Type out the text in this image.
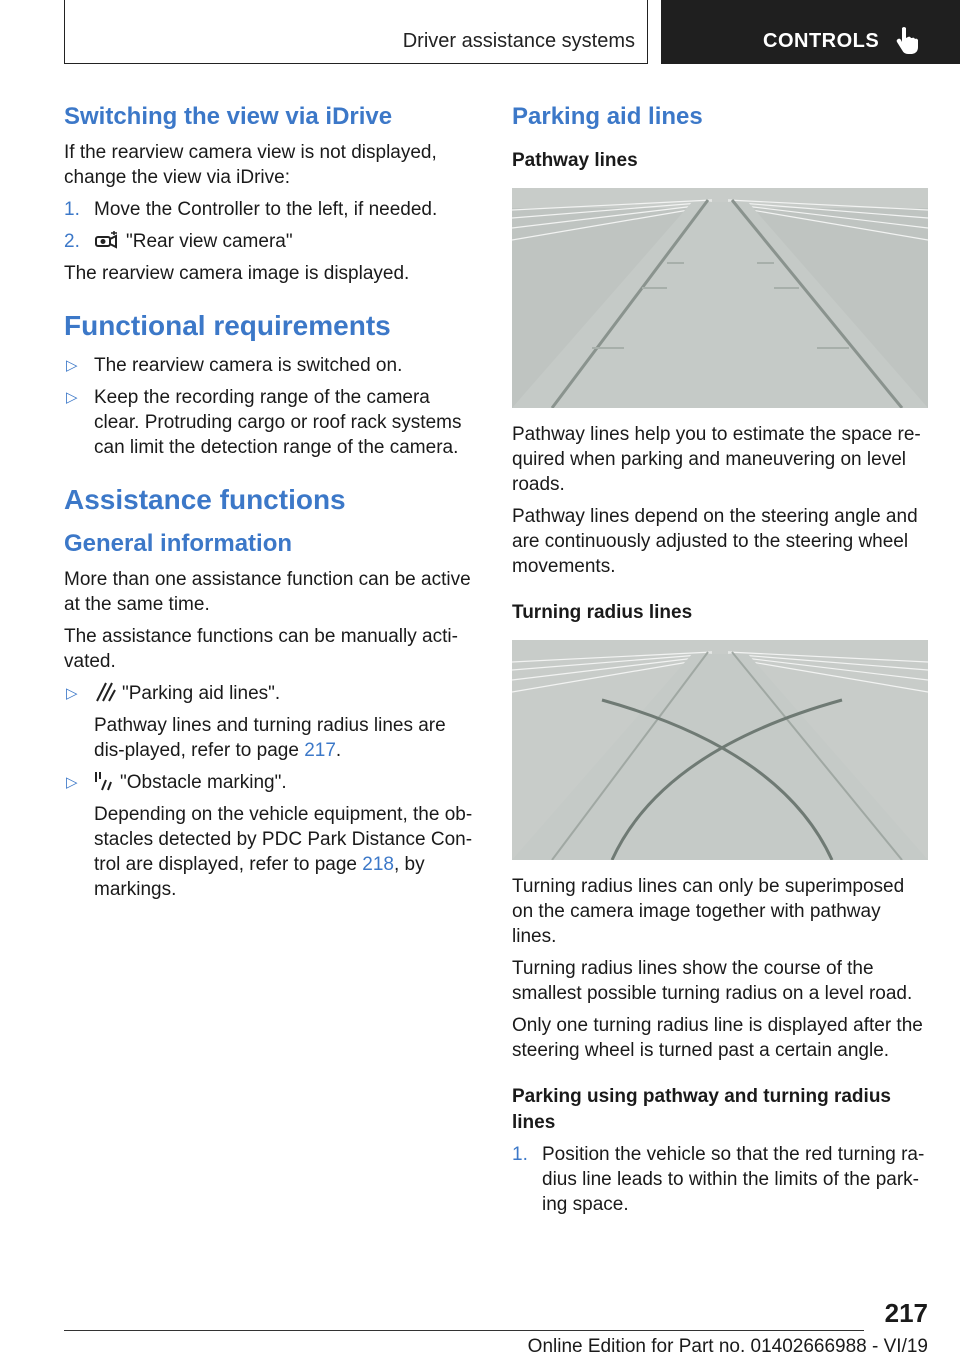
Driver assistance systems	CONTROLS
Switching the view via iDrive

If the rearview camera view is not displayed, change the view via iDrive:

1. Move the Controller to the left, if needed.
2. "Rear view camera"

The rearview camera image is displayed.

Functional requirements
▷ The rearview camera is switched on.
▷ Keep the recording range of the camera clear. Protruding cargo or roof rack systems can limit the detection range of the camera.
Assistance functions
General information

More than one assistance function can be active at the same time.

The assistance functions can be manually acti-vated.

▷ "Parking aid lines".
Pathway lines and turning radius lines are dis-played, refer to page 217.
▷ "Obstacle marking".
Depending on the vehicle equipment, the ob-stacles detected by PDC Park Distance Con-trol are displayed, refer to page 218, by markings.
Parking aid lines
Pathway lines

Pathway lines help you to estimate the space re-quired when parking and maneuvering on level roads.

Pathway lines depend on the steering angle and are continuously adjusted to the steering wheel movements.

Turning radius lines

Turning radius lines can only be superimposed on the camera image together with pathway lines.

Turning radius lines show the course of the smallest possible turning radius on a level road.

Only one turning radius line is displayed after the steering wheel is turned past a certain angle.

Parking using pathway and turning radius lines
1. Position the vehicle so that the red turning ra-dius line leads to within the limits of the park-ing space.
217
Online Edition for Part no. 01402666988 - VI/19
